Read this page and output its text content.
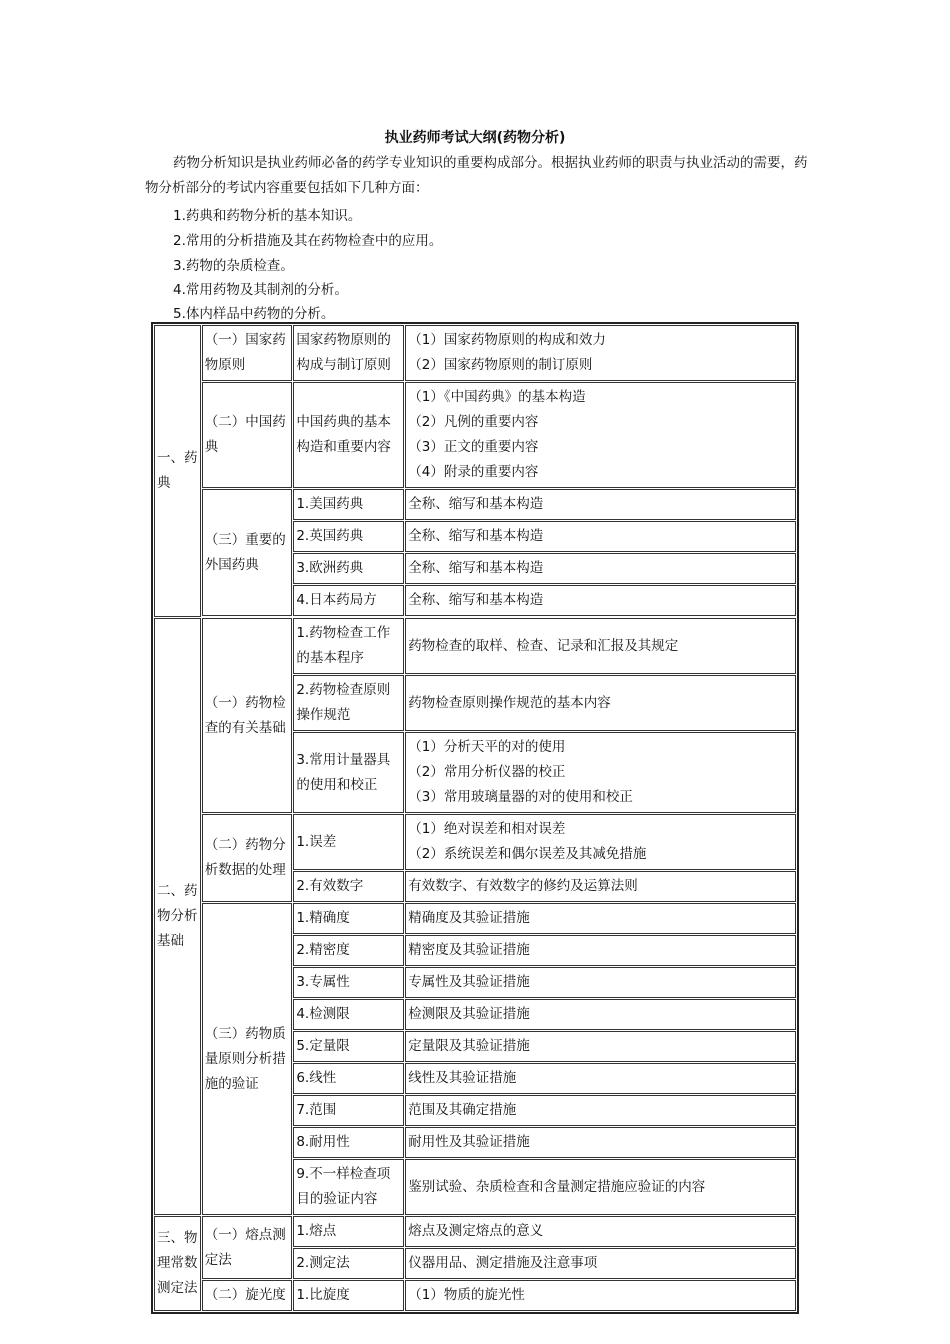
执业药师考试大纲(药物分析)

药物分析知识是执业药师必备的药学专业知识的重要构成部分。根据执业药师的职责与执业活动的需要，药物分析部分的考试内容重要包括如下几种方面：

1.药典和药物分析的基本知识。
2.常用的分析措施及其在药物检查中的应用。
3.药物的杂质检查。
4.常用药物及其制剂的分析。
5.体内样品中药物的分析。
一、药典	（一）国家药物原则	国家药物原则的构成与制订原则	（1）国家药物原则的构成和效力
（2）国家药物原则的制订原则

	（二）中国药典	中国药典的基本构造和重要内容	（1）《中国药典》的基本构造
（2）凡例的重要内容
（3）正文的重要内容
（4）附录的重要内容

	（三）重要的外国药典	1.美国药典	全称、缩写和基本构造
		2.英国药典	全称、缩写和基本构造
		3.欧洲药典	全称、缩写和基本构造
		4.日本药局方	全称、缩写和基本构造

二、药物分析基础	（一）药物检查的有关基础	1.药物检查工作的基本程序	药物检查的取样、检查、记录和汇报及其规定
		2.药物检查原则操作规范	药物检查原则操作规范的基本内容
		3.常用计量器具的使用和校正	（1）分析天平的对的使用
（2）常用分析仪器的校正
（3）常用玻璃量器的对的使用和校正

	（二）药物分析数据的处理	1.误差	（1）绝对误差和相对误差
（2）系统误差和偶尔误差及其减免措施

		2.有效数字	有效数字、有效数字的修约及运算法则
	（三）药物质量原则分析措施的验证	1.精确度	精确度及其验证措施
		2.精密度	精密度及其验证措施
		3.专属性	专属性及其验证措施
		4.检测限	检测限及其验证措施
		5.定量限	定量限及其验证措施
		6.线性	线性及其验证措施
		7.范围	范围及其确定措施
		8.耐用性	耐用性及其验证措施
		9.不一样检查项目的验证内容	鉴别试验、杂质检查和含量测定措施应验证的内容
三、物理常数测定法	（一）熔点测定法	1.熔点	熔点及测定熔点的意义
		2.测定法	仪器用品、测定措施及注意事项
	（二）旋光度	1.比旋度	（1）物质的旋光性
